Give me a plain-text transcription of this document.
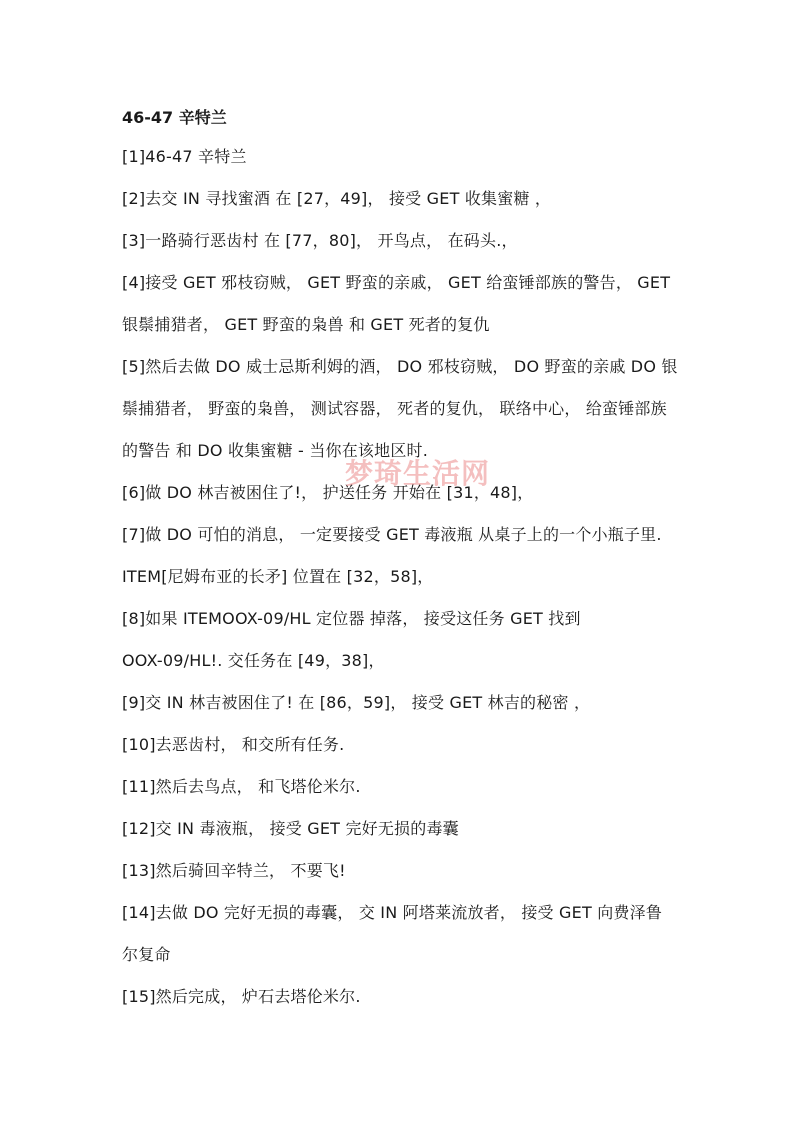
46-47 辛特兰

[1]46-47 辛特兰

[2]去交 IN 寻找蜜酒 在 [27，49]， 接受 GET 收集蜜糖 ，

[3]一路骑行恶齿村 在 [77，80]， 开鸟点， 在码头.，

[4]接受 GET 邪枝窃贼， GET 野蛮的亲戚， GET 给蛮锤部族的警告， GET

银鬃捕猎者， GET 野蛮的枭兽 和 GET 死者的复仇

[5]然后去做 DO 威士忌斯利姆的酒， DO 邪枝窃贼， DO 野蛮的亲戚 DO 银

鬃捕猎者， 野蛮的枭兽， 测试容器， 死者的复仇， 联络中心， 给蛮锤部族

的警告 和 DO 收集蜜糖 - 当你在该地区时.

[6]做 DO 林吉被困住了!， 护送任务 开始在 [31，48]，

[7]做 DO 可怕的消息， 一定要接受 GET 毒液瓶 从桌子上的一个小瓶子里.

ITEM[尼姆布亚的长矛] 位置在 [32，58]，

[8]如果 ITEMOOX-09/HL 定位器 掉落， 接受这任务 GET 找到

OOX-09/HL!. 交任务在 [49，38]，

[9]交 IN 林吉被困住了! 在 [86，59]， 接受 GET 林吉的秘密 ，

[10]去恶齿村， 和交所有任务.

[11]然后去鸟点， 和飞塔伦米尔.

[12]交 IN 毒液瓶， 接受 GET 完好无损的毒囊

[13]然后骑回辛特兰， 不要飞!

[14]去做 DO 完好无损的毒囊， 交 IN 阿塔莱流放者， 接受 GET 向费泽鲁

尔复命

[15]然后完成， 炉石去塔伦米尔.

梦琦生活网
